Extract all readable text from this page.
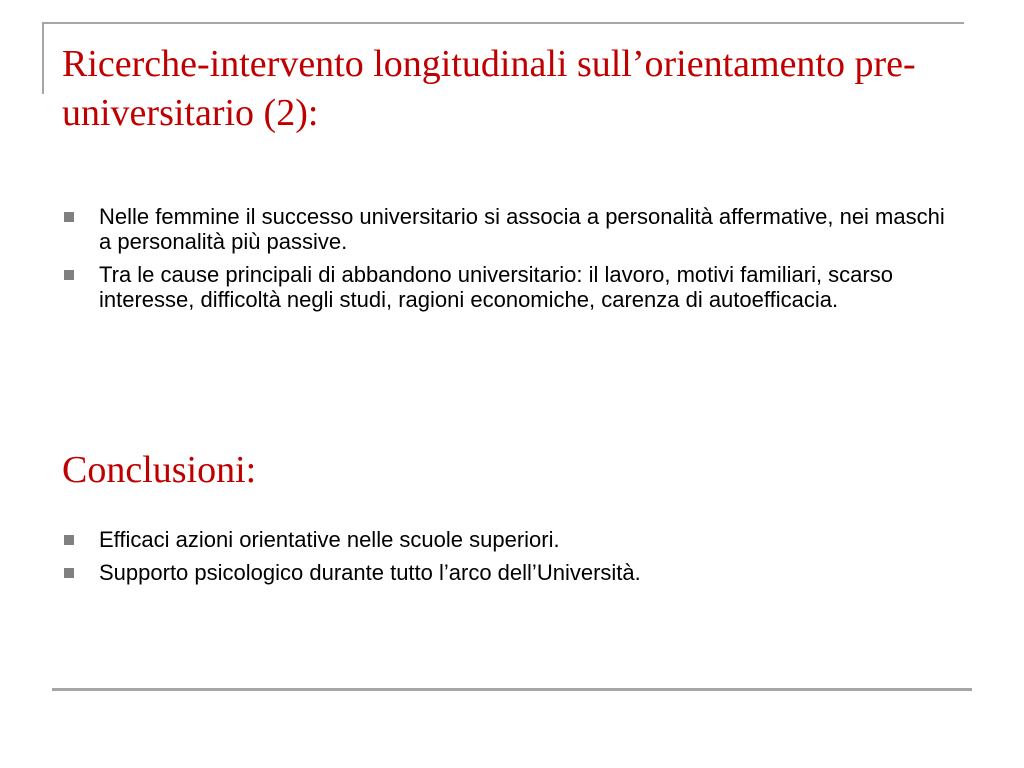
Ricerche-intervento longitudinali sull’orientamento pre-universitario (2):
Nelle femmine il successo universitario si associa a personalità affermative, nei maschi a personalità più passive.
Tra le cause principali di abbandono universitario: il lavoro, motivi familiari, scarso interesse, difficoltà negli studi, ragioni economiche, carenza di autoefficacia.
Conclusioni:
Efficaci azioni orientative nelle scuole superiori.
Supporto psicologico durante tutto l’arco dell’Università.
